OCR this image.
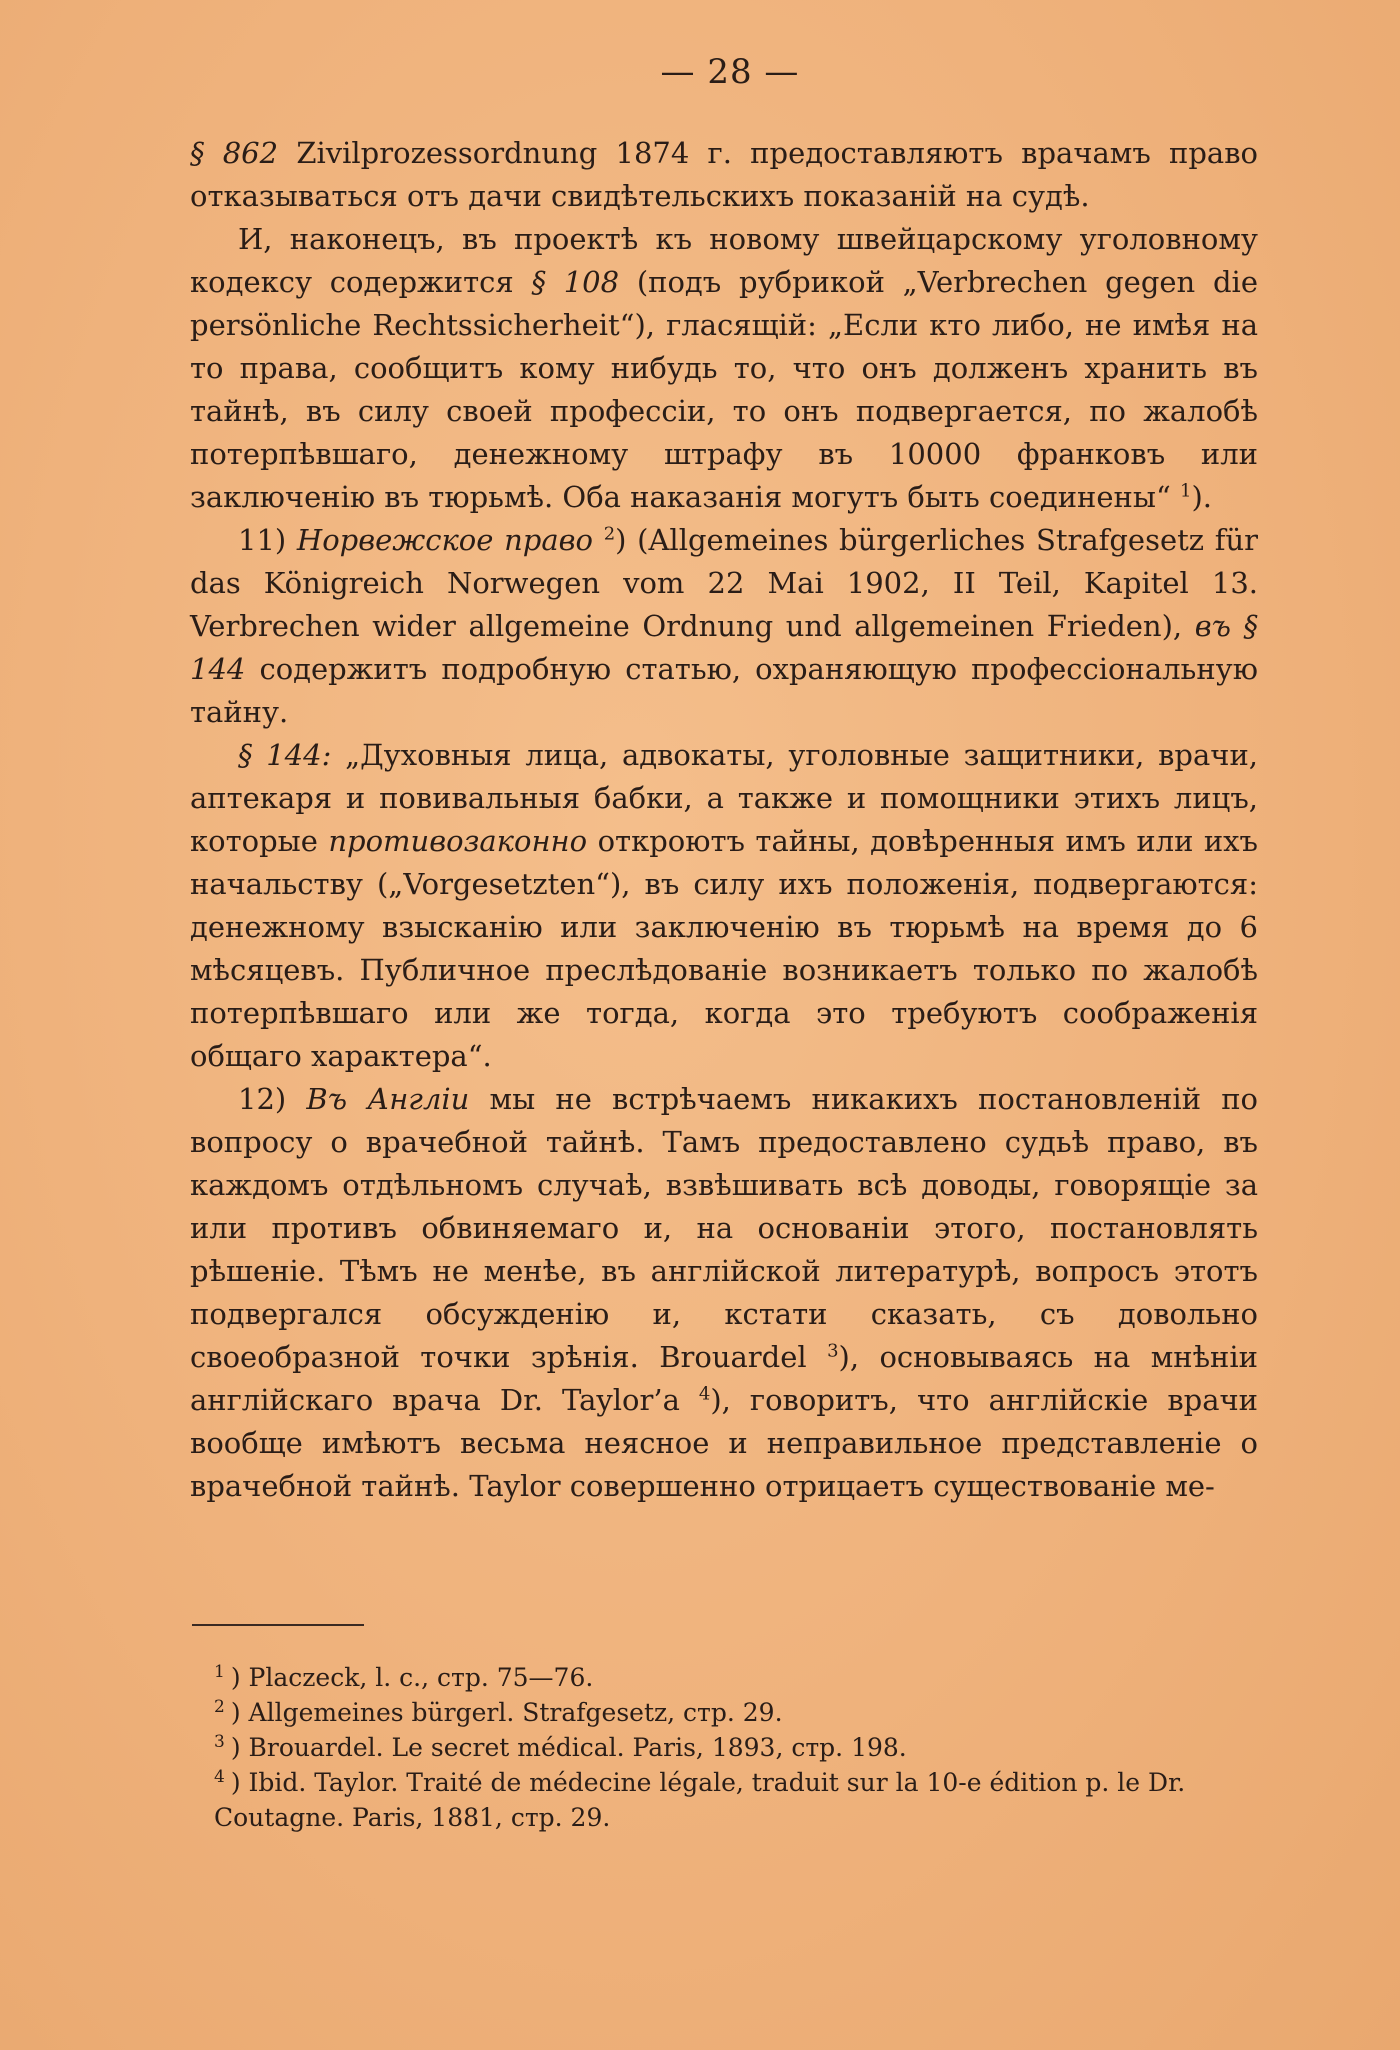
— 28 —

§ 862 Zivilprozessordnung 1874 г. предоставляютъ врачамъ право отказываться отъ дачи свидѣтельскихъ показаній на судѣ.

И, наконецъ, въ проектѣ къ новому швейцарскому уголовному кодексу содержится § 108 (подъ рубрикой „Verbrechen gegen die persönliche Rechtssicherheit“), гласящій: „Если кто либо, не имѣя на то права, сообщитъ кому нибудь то, что онъ долженъ хранить въ тайнѣ, въ силу своей профессіи, то онъ подвергается, по жалобѣ потерпѣвшаго, денежному штрафу въ 10000 франковъ или заключенію въ тюрьмѣ. Оба наказанія могутъ быть соединены“ $^1$).

11) Норвежское право $^2$) (Allgemeines bürgerliches Strafgesetz für das Königreich Norwegen vom 22 Mai 1902, II Teil, Kapitel 13. Verbrechen wider allgemeine Ordnung und allgemeinen Frieden), въ § 144 содержитъ подробную статью, охраняющую профессіональную тайну.

§ 144: „Духовныя лица, адвокаты, уголовные защитники, врачи, аптекаря и повивальныя бабки, а также и помощники этихъ лицъ, которые противозаконно откроютъ тайны, довѣренныя имъ или ихъ начальству („Vorgesetzten“), въ силу ихъ положенія, подвергаются: денежному взысканію или заключенію въ тюрьмѣ на время до 6 мѣсяцевъ. Публичное преслѣдованіе возникаетъ только по жалобѣ потерпѣвшаго или же тогда, когда это требуютъ соображенія общаго характера“.

12) Въ Англіи мы не встрѣчаемъ никакихъ постановленій по вопросу о врачебной тайнѣ. Тамъ предоставлено судьѣ право, въ каждомъ отдѣльномъ случаѣ, взвѣшивать всѣ доводы, говорящіе за или противъ обвиняемаго и, на основаніи этого, постановлять рѣшеніе. Тѣмъ не менѣе, въ англійской литературѣ, вопросъ этотъ подвергался обсужденію и, кстати сказать, съ довольно своеобразной точки зрѣнія. Brouardel $^3$), основываясь на мнѣніи англійскаго врача Dr. Taylor’а $^4$), говоритъ, что англійскіе врачи вообще имѣютъ весьма неясное и неправильное представленіе о врачебной тайнѣ. Taylor совершенно отрицаетъ существованіе ме-

$^1$ ) Placzeck, l. c., стр. 75—76.

$^2$ ) Allgemeines bürgerl. Strafgesetz, стр. 29.

$^3$ ) Brouardel. Le secret médical. Paris, 1893, стр. 198.

$^4$ ) Ibid. Taylor. Traité de médecine légale, traduit sur la 10-e édition p. le Dr. Coutagne. Paris, 1881, стр. 29.
